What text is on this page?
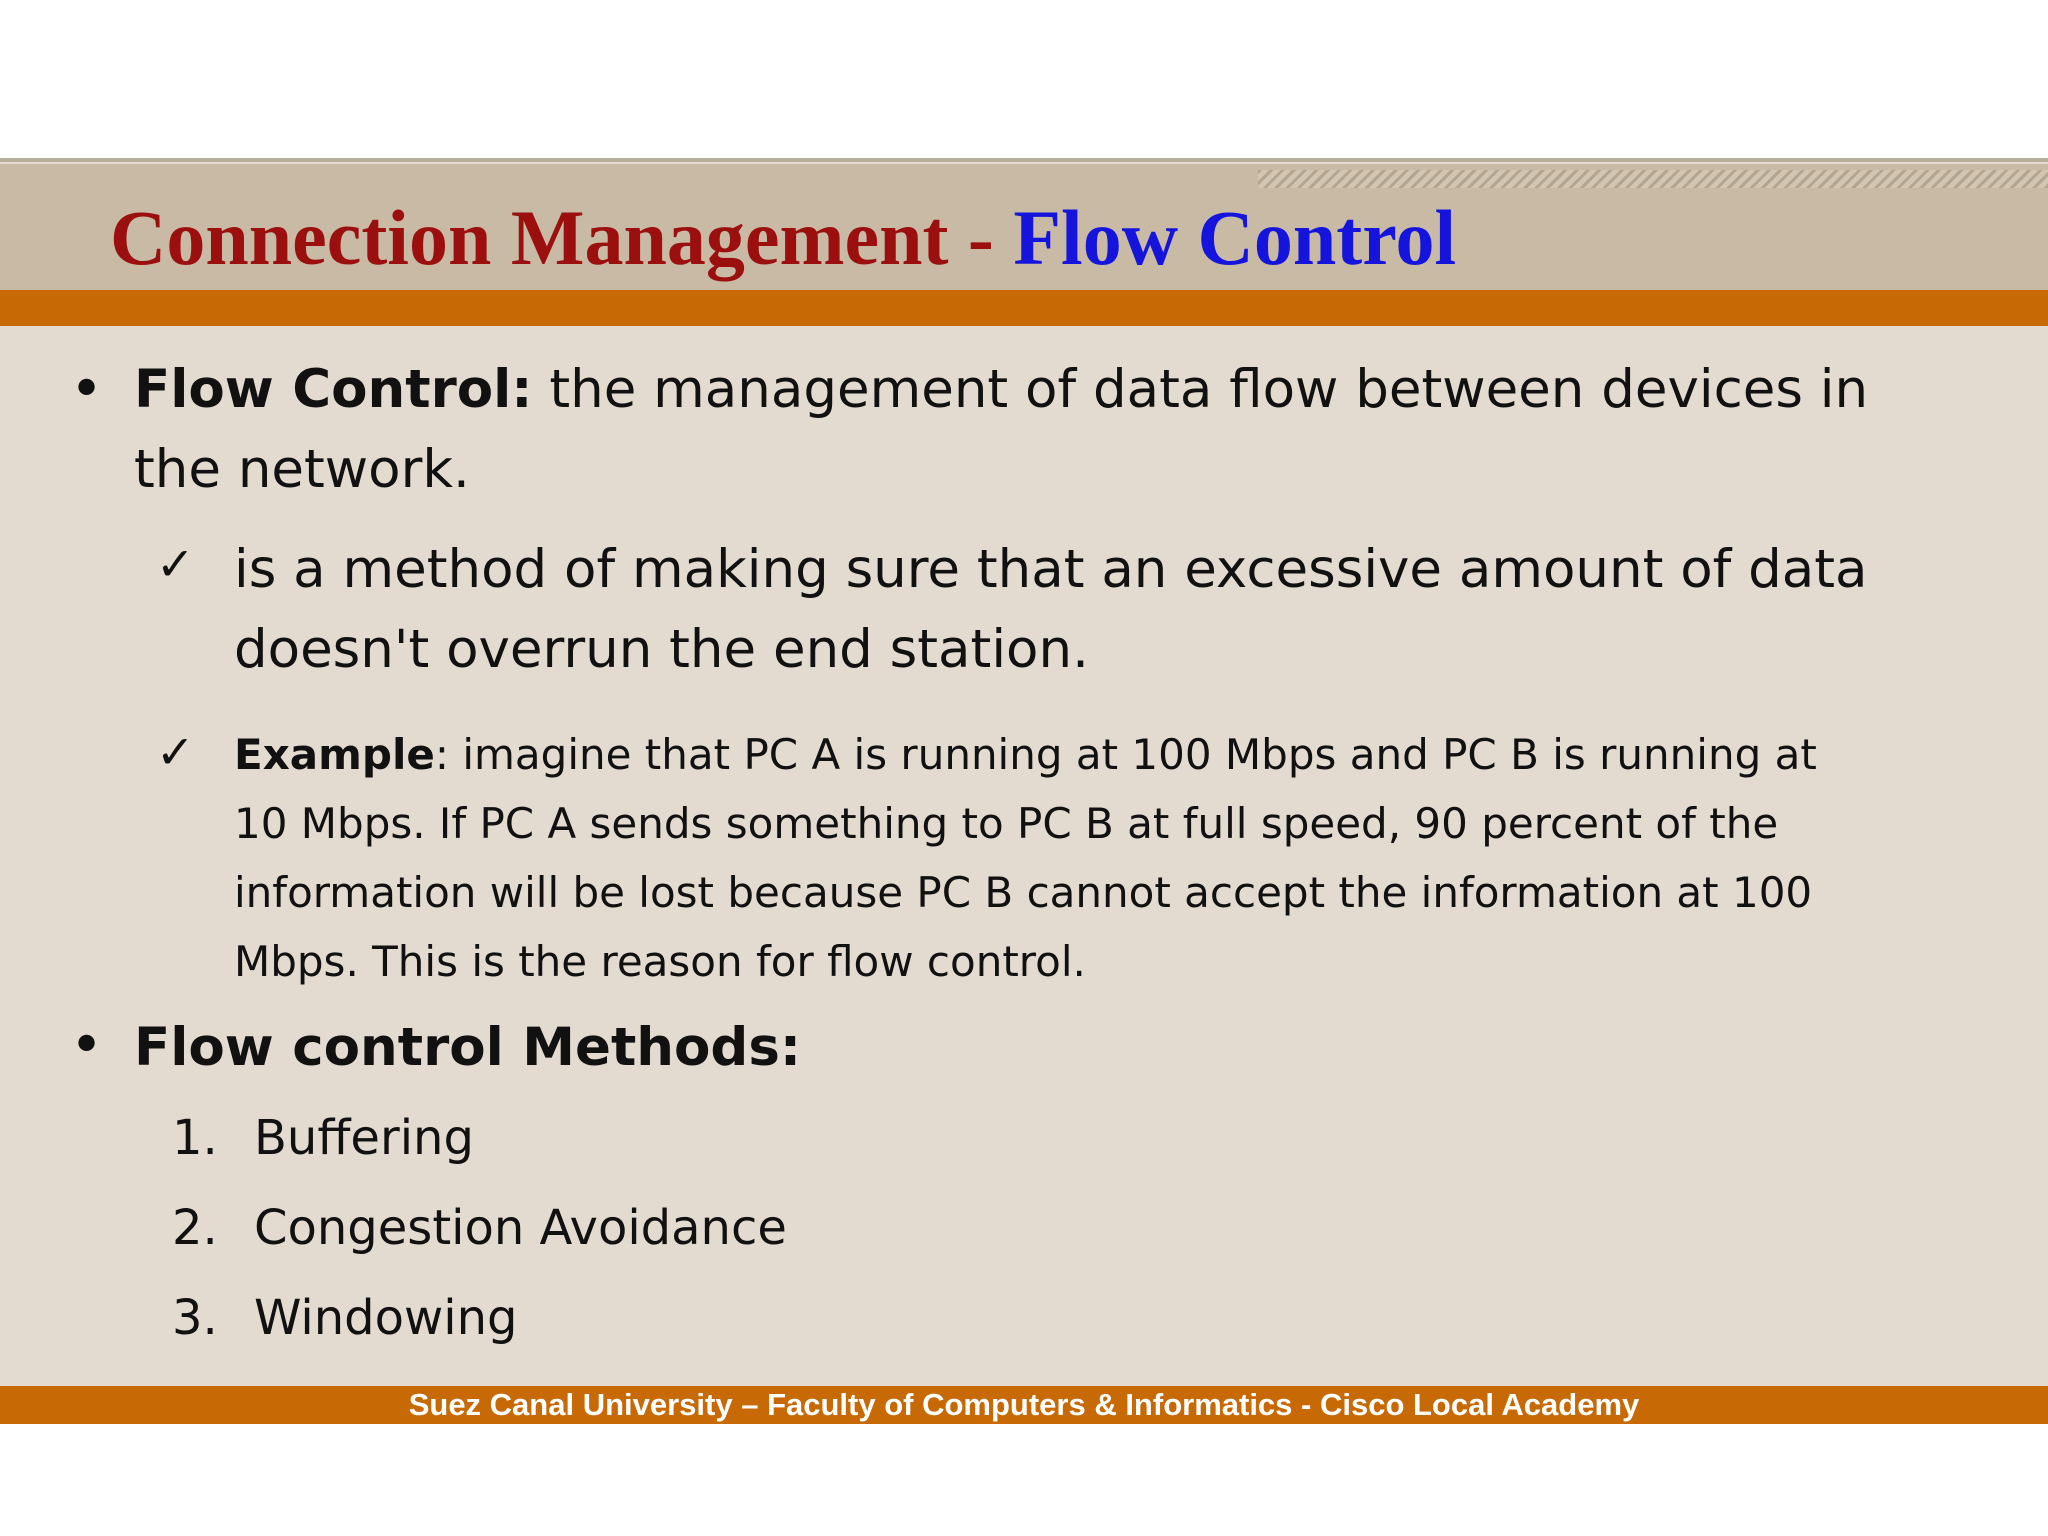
Connection Management - Flow Control
• Flow Control: the management of data flow between devices in
the network.
✓ is a method of making sure that an excessive amount of data
doesn't overrun the end station.
✓ Example: imagine that PC A is running at 100 Mbps and PC B is running at
10 Mbps. If PC A sends something to PC B at full speed, 90 percent of the
information will be lost because PC B cannot accept the information at 100
Mbps. This is the reason for flow control.
• Flow control Methods:
1. Buffering
2. Congestion Avoidance
3. Windowing
Suez Canal University – Faculty of Computers & Informatics - Cisco Local Academy
